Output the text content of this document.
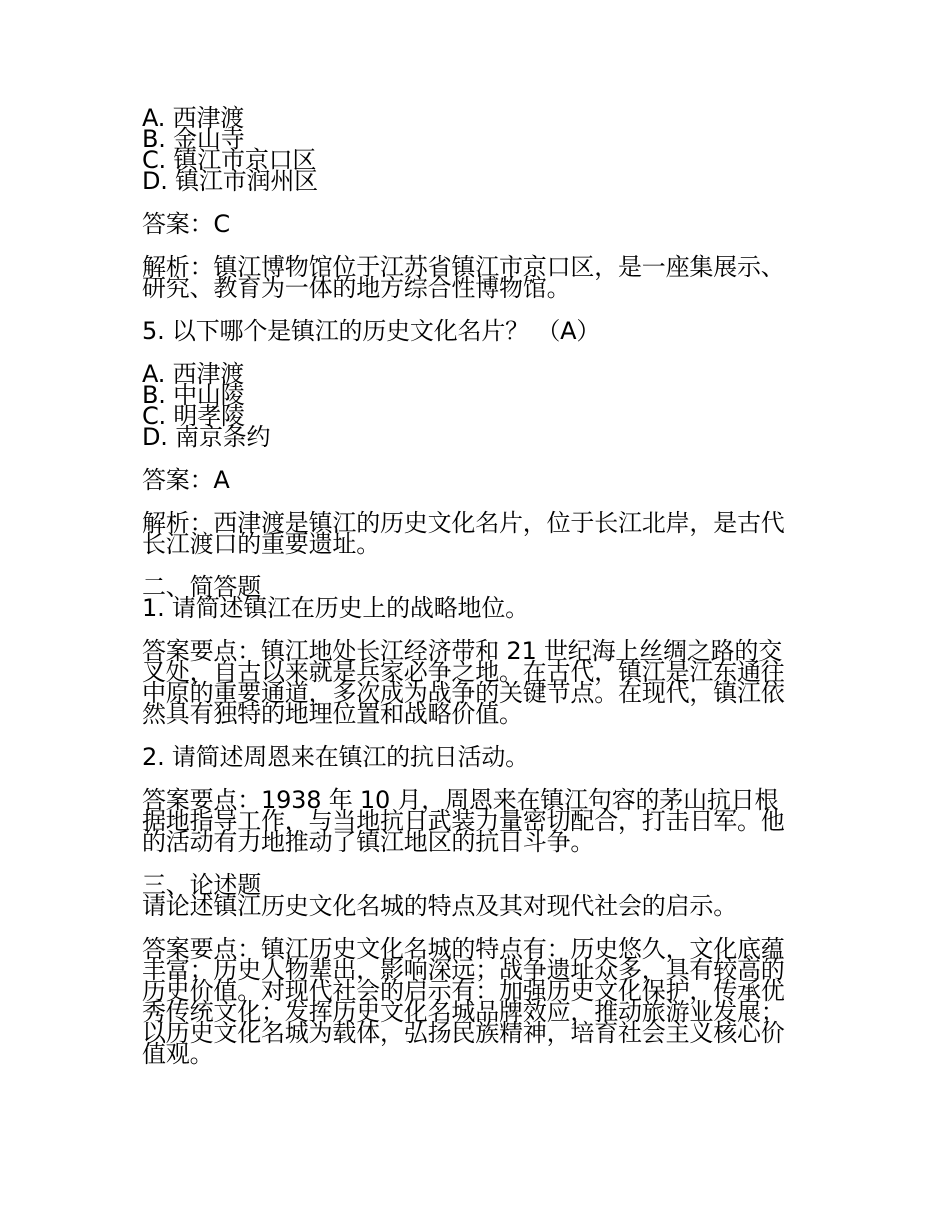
A. 西津渡
B. 金山寺
C. 镇江市京口区
D. 镇江市润州区
答案：C
解析：镇江博物馆位于江苏省镇江市京口区，是一座集展示、
研究、教育为一体的地方综合性博物馆。
5. 以下哪个是镇江的历史文化名片？ （A）
A. 西津渡
B. 中山陵
C. 明孝陵
D. 南京条约
答案：A
解析：西津渡是镇江的历史文化名片，位于长江北岸，是古代
长江渡口的重要遗址。
二、简答题
1. 请简述镇江在历史上的战略地位。
答案要点：镇江地处长江经济带和 21 世纪海上丝绸之路的交
叉处，自古以来就是兵家必争之地。在古代，镇江是江东通往
中原的重要通道，多次成为战争的关键节点。在现代，镇江依
然具有独特的地理位置和战略价值。
2. 请简述周恩来在镇江的抗日活动。
答案要点：1938 年 10 月，周恩来在镇江句容的茅山抗日根
据地指导工作，与当地抗日武装力量密切配合，打击日军。他
的活动有力地推动了镇江地区的抗日斗争。
三、论述题
请论述镇江历史文化名城的特点及其对现代社会的启示。
答案要点：镇江历史文化名城的特点有：历史悠久，文化底蕴
丰富；历史人物辈出，影响深远；战争遗址众多，具有较高的
历史价值。对现代社会的启示有：加强历史文化保护，传承优
秀传统文化；发挥历史文化名城品牌效应，推动旅游业发展；
以历史文化名城为载体，弘扬民族精神，培育社会主义核心价
值观。
